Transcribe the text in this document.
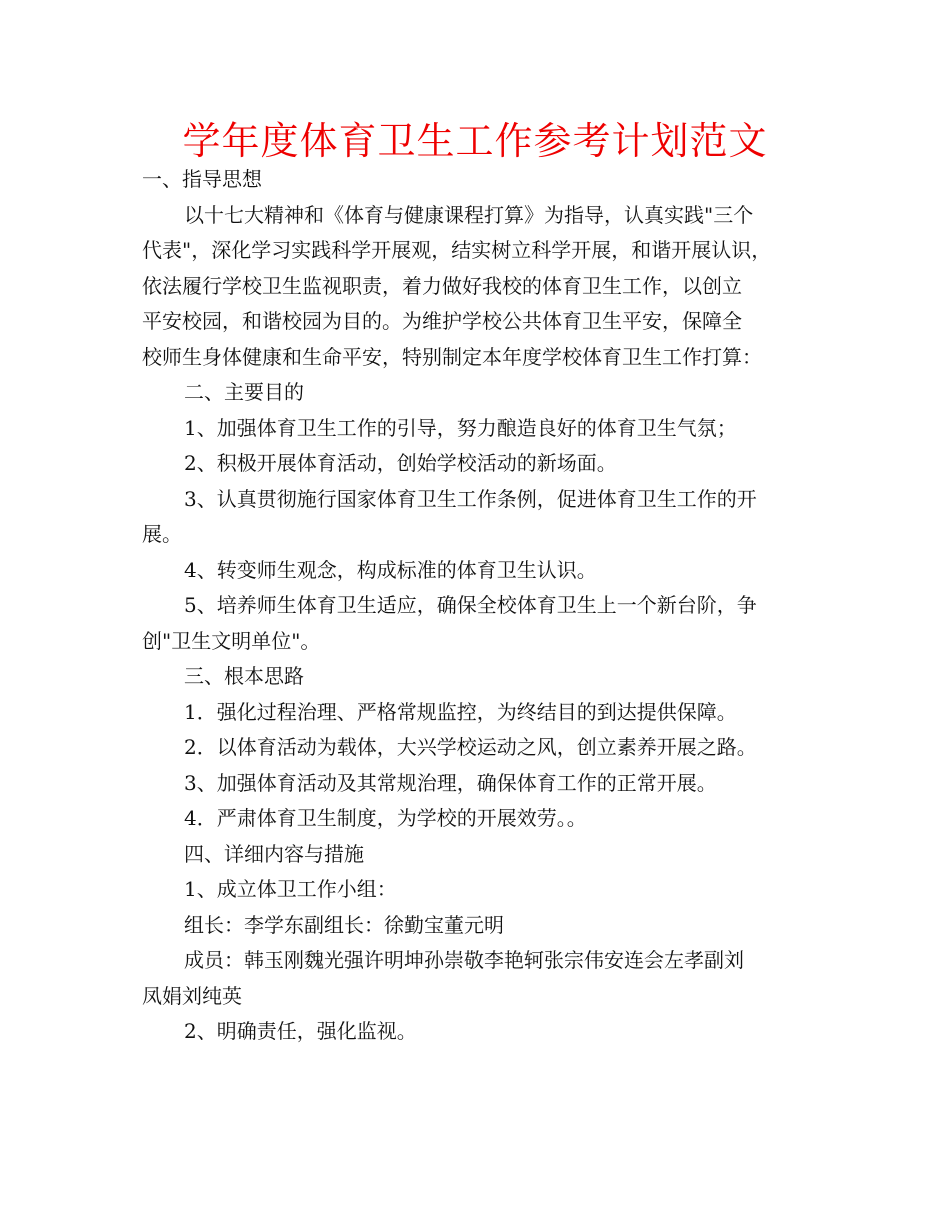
学年度体育卫生工作参考计划范文

一、指导思想

以十七大精神和《体育与健康课程打算》为指导，认真实践"三个

代表"，深化学习实践科学开展观，结实树立科学开展，和谐开展认识，

依法履行学校卫生监视职责，着力做好我校的体育卫生工作，以创立

平安校园，和谐校园为目的。为维护学校公共体育卫生平安，保障全

校师生身体健康和生命平安，特别制定本年度学校体育卫生工作打算：

二、主要目的

1、加强体育卫生工作的引导，努力酿造良好的体育卫生气氛；

2、积极开展体育活动，创始学校活动的新场面。

3、认真贯彻施行国家体育卫生工作条例，促进体育卫生工作的开

展。

4、转变师生观念，构成标准的体育卫生认识。

5、培养师生体育卫生适应，确保全校体育卫生上一个新台阶，争

创"卫生文明单位"。

三、根本思路

1．强化过程治理、严格常规监控，为终结目的到达提供保障。

2．以体育活动为载体，大兴学校运动之风，创立素养开展之路。

3、加强体育活动及其常规治理，确保体育工作的正常开展。

4．严肃体育卫生制度，为学校的开展效劳。。

四、详细内容与措施

1、成立体卫工作小组：

组长：李学东副组长：徐勤宝董元明

成员：韩玉刚魏光强许明坤孙崇敬李艳轲张宗伟安连会左孝副刘

凤娟刘纯英

2、明确责任，强化监视。
